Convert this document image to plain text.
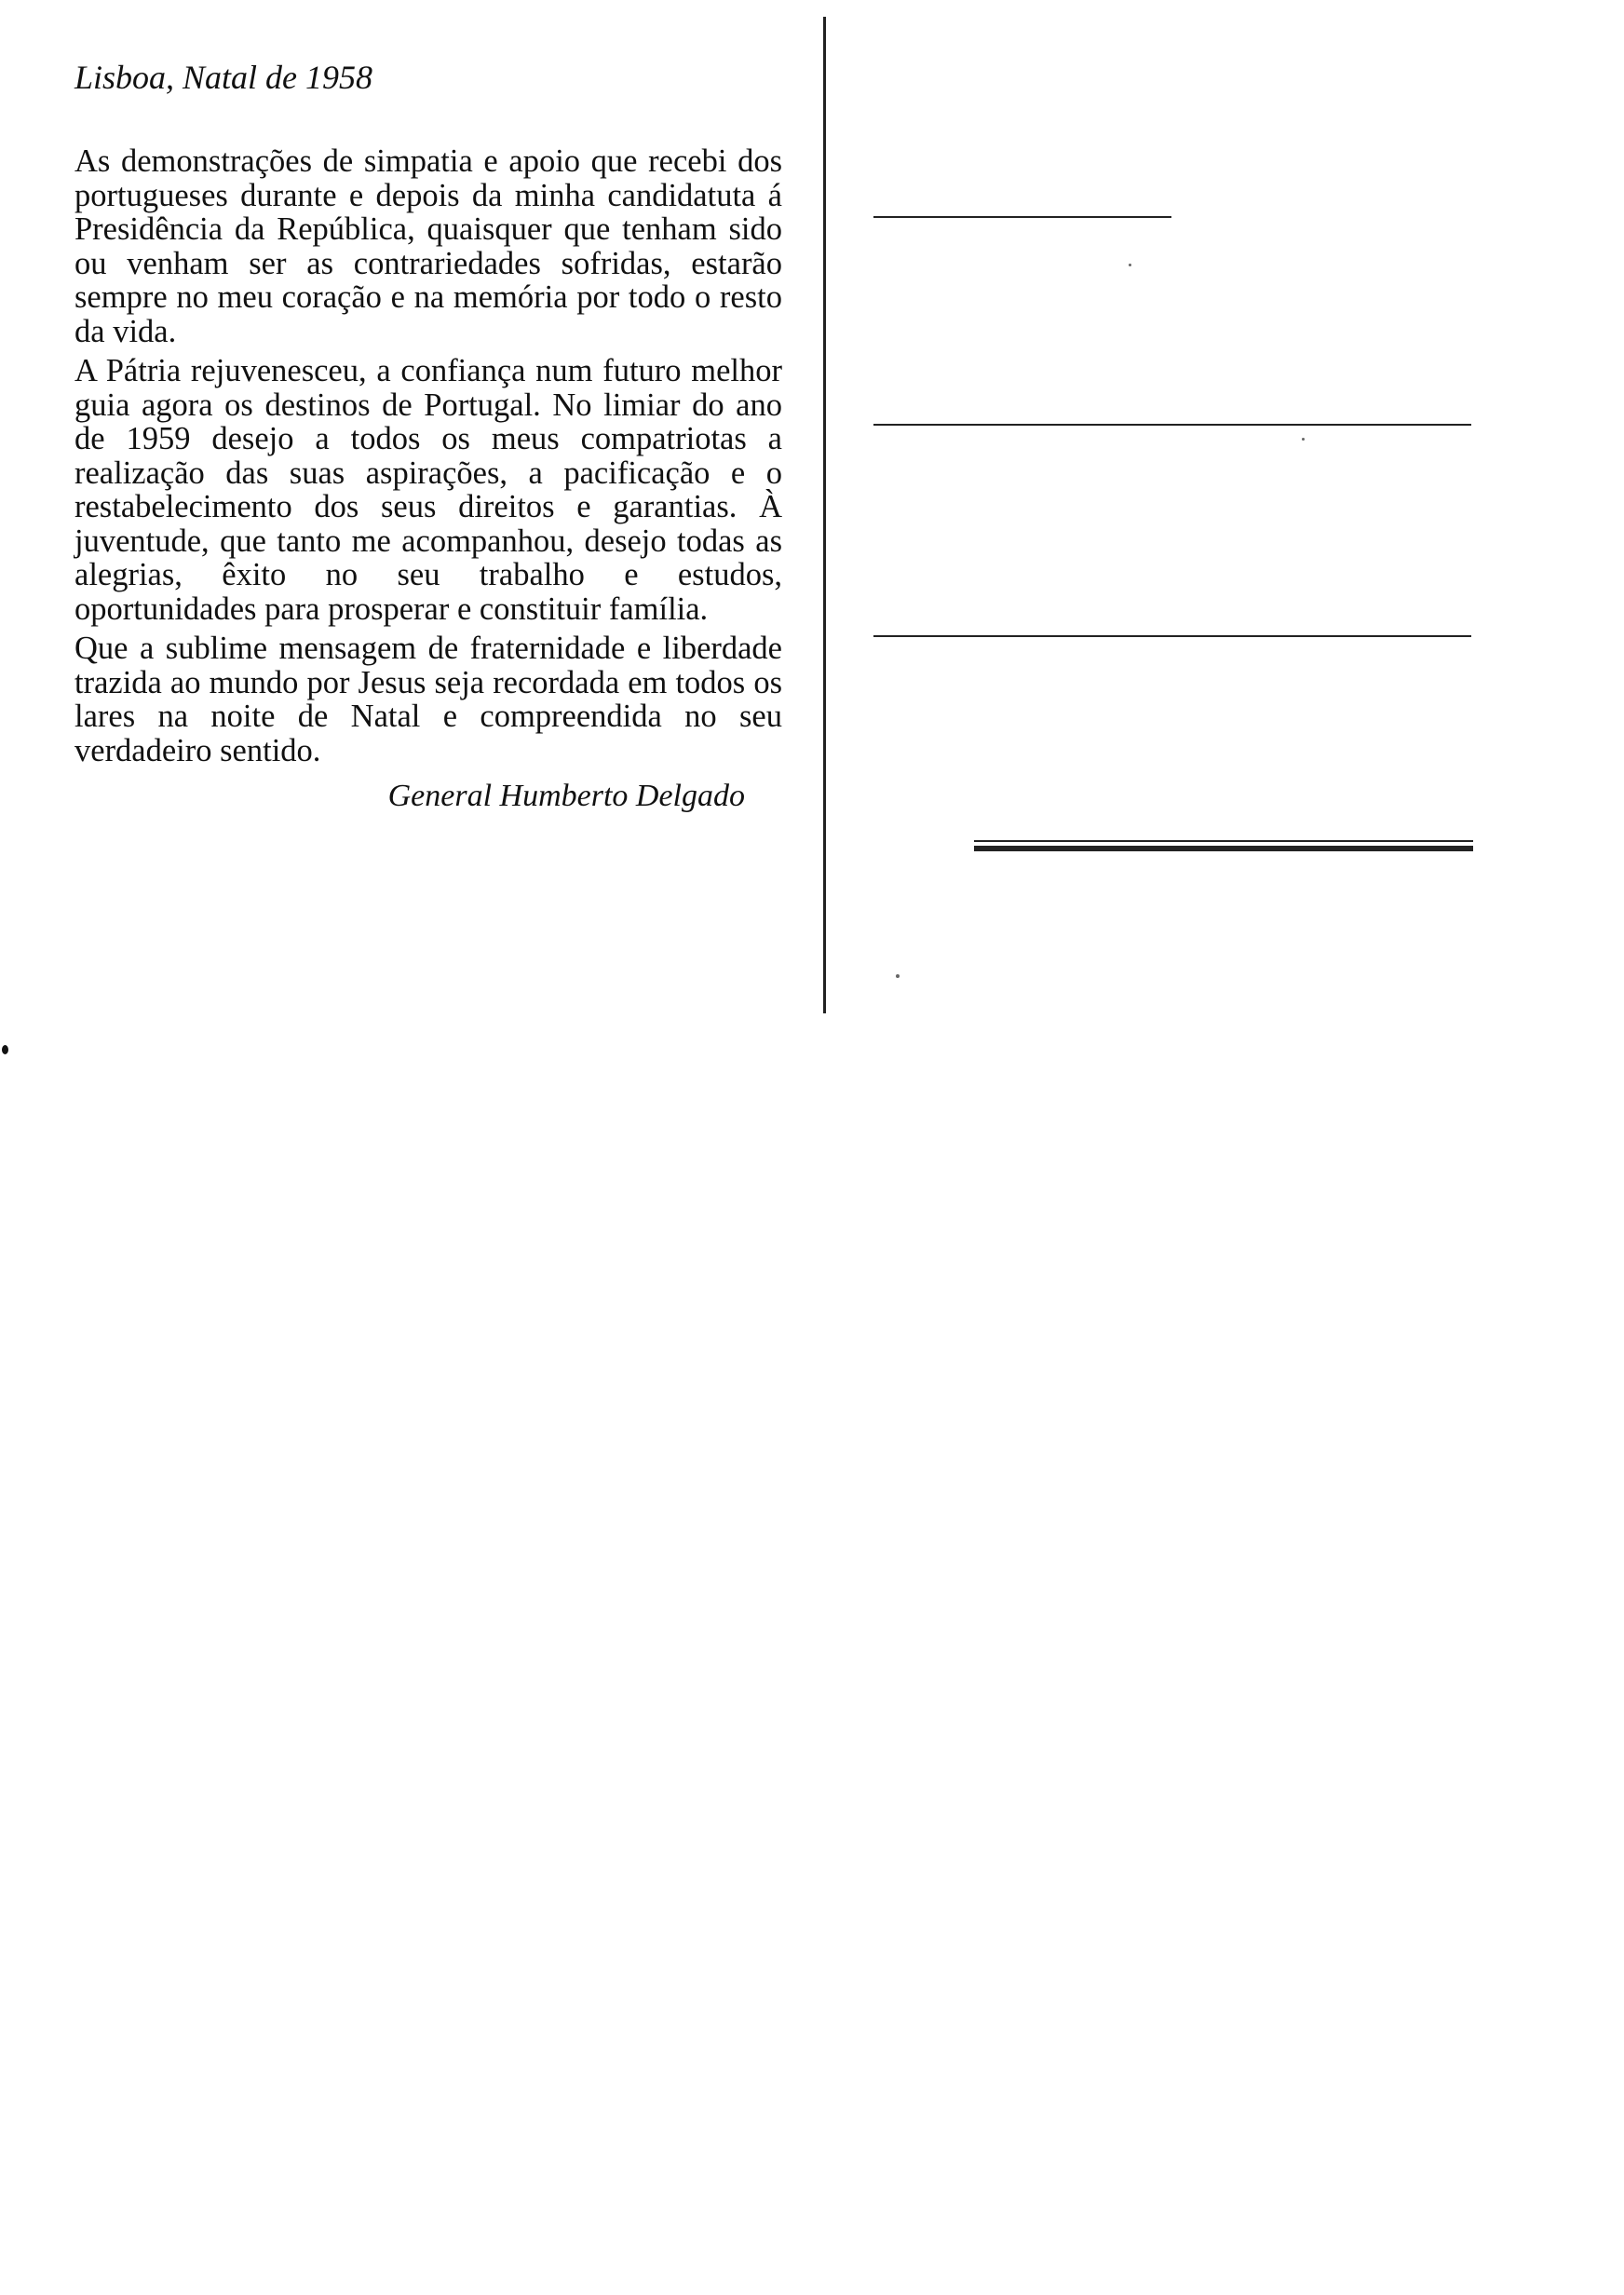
Lisboa, Natal de 1958

As demonstrações de simpatia e apoio que recebi dos portugueses durante e depois da minha candidatuta á Presidência da República, quaisquer que tenham sido ou venham ser as contrariedades sofridas, estarão sempre no meu coração e na memória por todo o resto da vida.

A Pátria rejuvenesceu, a confiança num futuro melhor guia agora os destinos de Portugal. No limiar do ano de 1959 desejo a todos os meus compatriotas a realização das suas aspirações, a pacificação e o restabelecimento dos seus direitos e garantias. À juventude, que tanto me acompanhou, desejo todas as alegrias, êxito no seu trabalho e estudos, oportunidades para prosperar e constituir família.

Que a sublime mensagem de fraternidade e liberdade trazida ao mundo por Jesus seja recordada em todos os lares na noite de Natal e compreendida no seu verdadeiro sentido.

General Humberto Delgado
